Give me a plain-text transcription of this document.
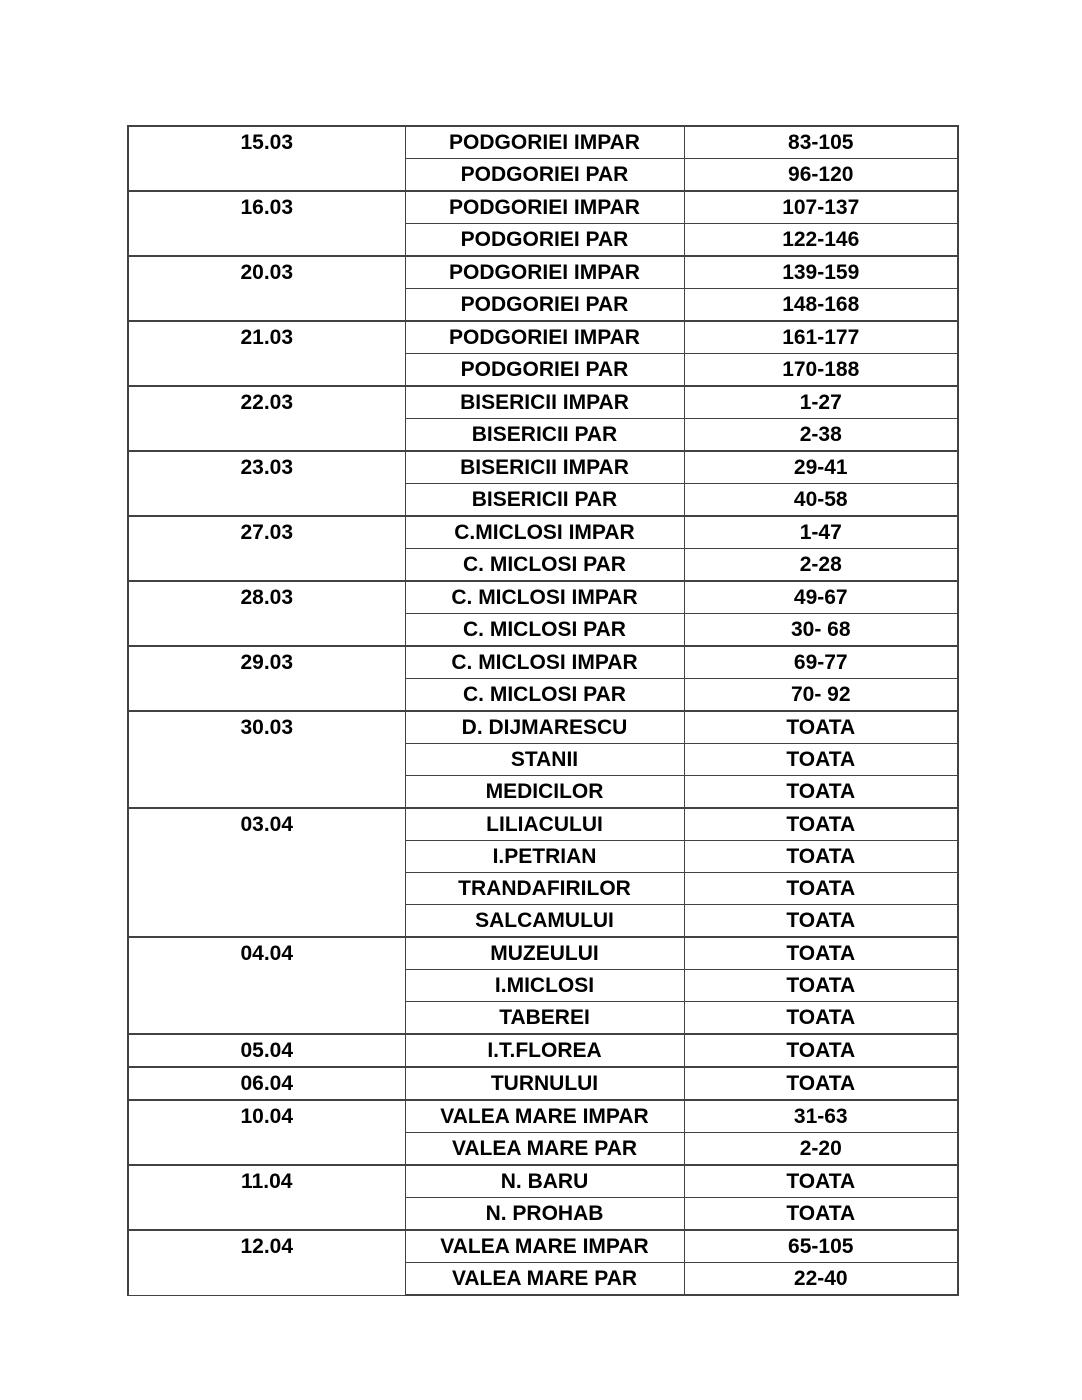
15.03	PODGORIEI IMPAR	83-105
	PODGORIEI PAR	96-120
16.03	PODGORIEI IMPAR	107-137
	PODGORIEI PAR	122-146
20.03	PODGORIEI IMPAR	139-159
	PODGORIEI PAR	148-168
21.03	PODGORIEI IMPAR	161-177
	PODGORIEI PAR	170-188
22.03	BISERICII IMPAR	1-27
	BISERICII PAR	2-38
23.03	BISERICII IMPAR	29-41
	BISERICII PAR	40-58
27.03	C.MICLOSI IMPAR	1-47
	C. MICLOSI PAR	2-28
28.03	C. MICLOSI IMPAR	49-67
	C. MICLOSI PAR	30- 68
29.03	C. MICLOSI IMPAR	69-77
	C. MICLOSI PAR	70- 92
30.03	D. DIJMARESCU	TOATA
	STANII	TOATA
	MEDICILOR	TOATA
03.04	LILIACULUI	TOATA
	I.PETRIAN	TOATA
	TRANDAFIRILOR	TOATA
	SALCAMULUI	TOATA
04.04	MUZEULUI	TOATA
	I.MICLOSI	TOATA
	TABEREI	TOATA
05.04	I.T.FLOREA	TOATA
06.04	TURNULUI	TOATA
10.04	VALEA MARE IMPAR	31-63
	VALEA MARE PAR	2-20
11.04	N. BARU	TOATA
	N. PROHAB	TOATA
12.04	VALEA MARE IMPAR	65-105
	VALEA MARE PAR	22-40
